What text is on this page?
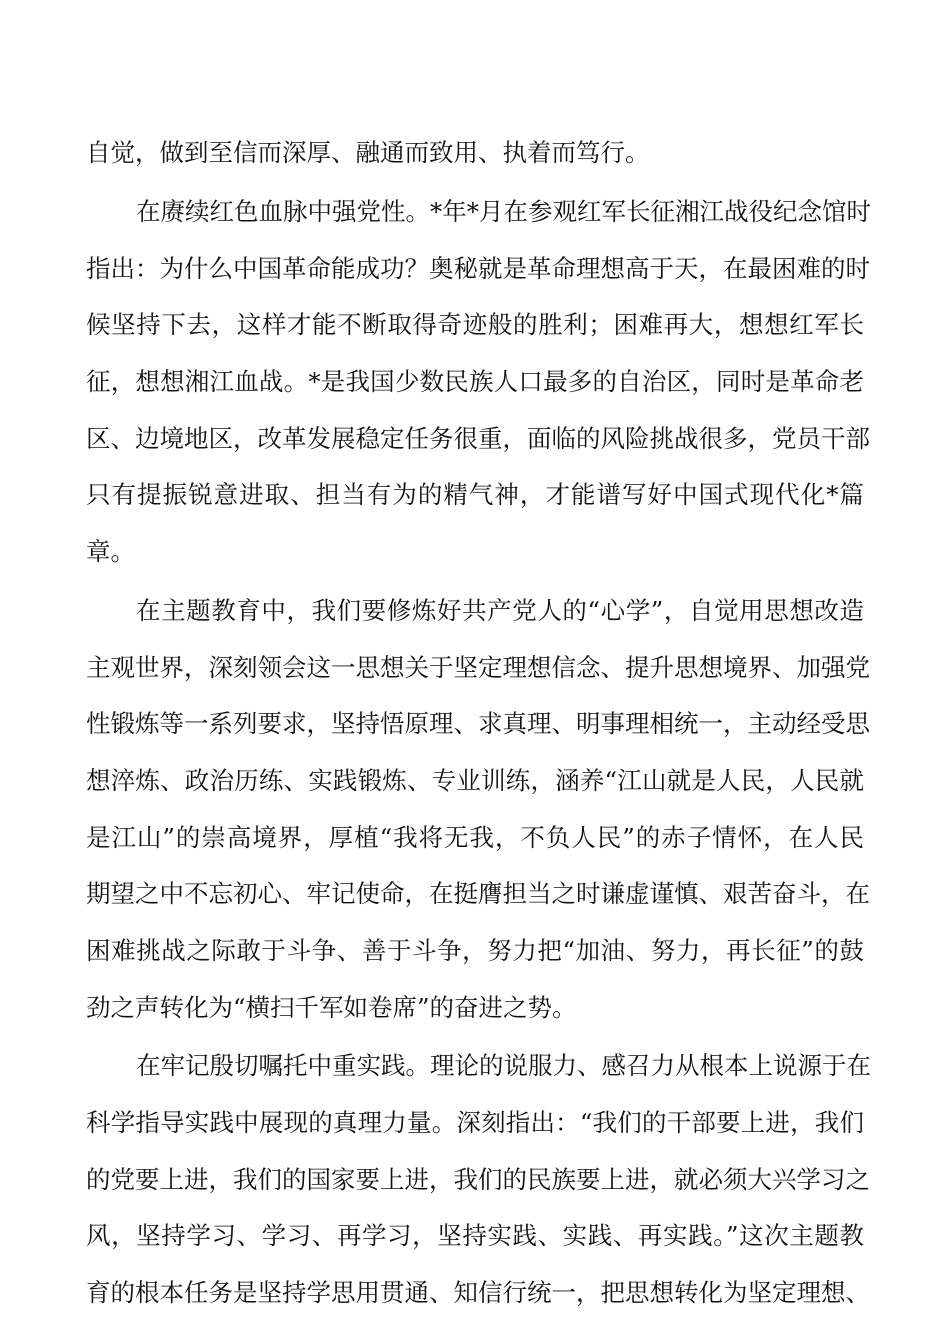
自觉，做到至信而深厚、融通而致用、执着而笃行。
在赓续红色血脉中强党性。*年*月在参观红军长征湘江战役纪念馆时
指出：为什么中国革命能成功？奥秘就是革命理想高于天，在最困难的时
候坚持下去，这样才能不断取得奇迹般的胜利；困难再大，想想红军长
征，想想湘江血战。*是我国少数民族人口最多的自治区，同时是革命老
区、边境地区，改革发展稳定任务很重，面临的风险挑战很多，党员干部
只有提振锐意进取、担当有为的精气神，才能谱写好中国式现代化*篇
章。
在主题教育中，我们要修炼好共产党人的“心学”，自觉用思想改造
主观世界，深刻领会这一思想关于坚定理想信念、提升思想境界、加强党
性锻炼等一系列要求，坚持悟原理、求真理、明事理相统一，主动经受思
想淬炼、政治历练、实践锻炼、专业训练，涵养“江山就是人民，人民就
是江山”的崇高境界，厚植“我将无我，不负人民”的赤子情怀，在人民
期望之中不忘初心、牢记使命，在挺膺担当之时谦虚谨慎、艰苦奋斗，在
困难挑战之际敢于斗争、善于斗争，努力把“加油、努力，再长征”的鼓
劲之声转化为“横扫千军如卷席”的奋进之势。
在牢记殷切嘱托中重实践。理论的说服力、感召力从根本上说源于在
科学指导实践中展现的真理力量。深刻指出：“我们的干部要上进，我们
的党要上进，我们的国家要上进，我们的民族要上进，就必须大兴学习之
风，坚持学习、学习、再学习，坚持实践、实践、再实践。”这次主题教
育的根本任务是坚持学思用贯通、知信行统一，把思想转化为坚定理想、
